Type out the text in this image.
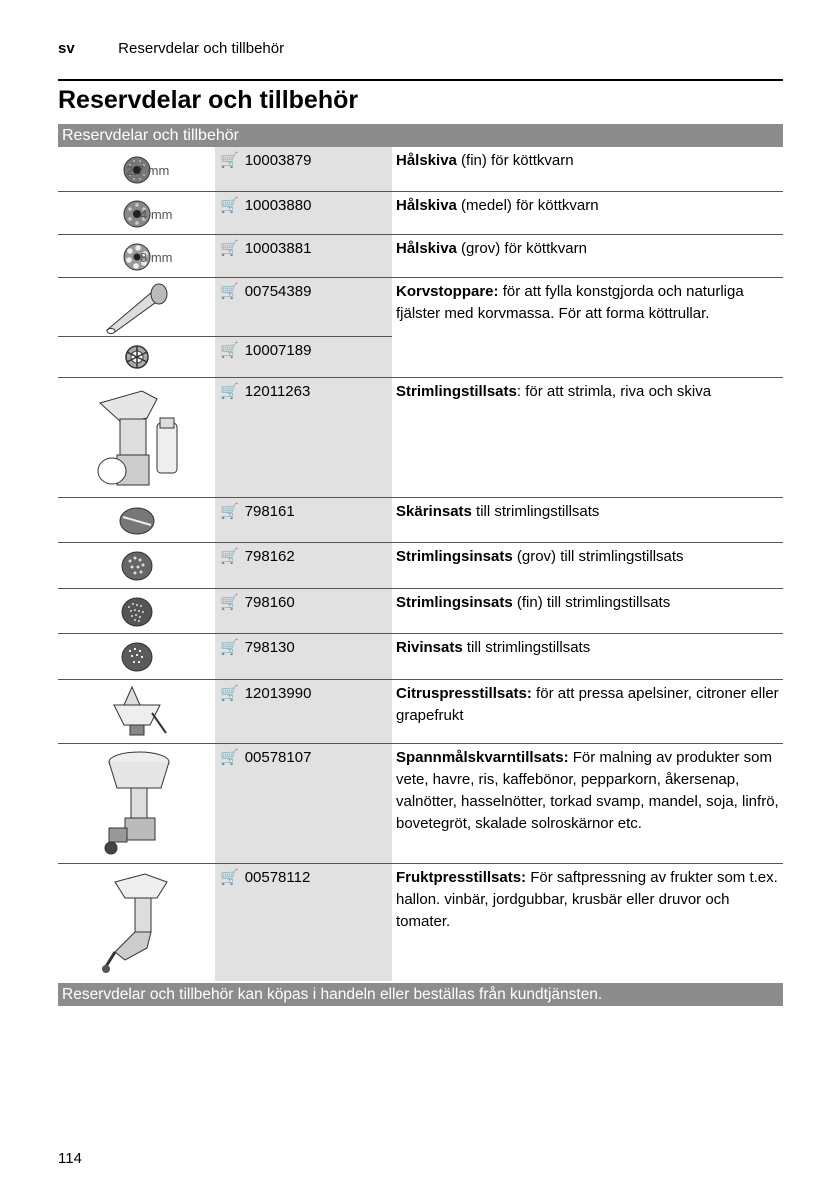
sv	Reservdelar och tillbehör
Reservdelar och tillbehör
Reservdelar och tillbehör
2.7 mm
🛒 10003879	Hålskiva (fin) för köttkvarn
4 mm
🛒 10003880	Hålskiva (medel) för köttkvarn
8 mm
🛒 10003881	Hålskiva (grov) för köttkvarn
🛒 00754389	Korvstoppare: för att fylla konstgjorda och naturliga fjälster med korvmassa. För att forma köttrullar.
🛒 10007189
🛒 12011263	Strimlingstillsats: för att strimla, riva och skiva
🛒 798161	Skärinsats till strimlingstillsats
🛒 798162	Strimlingsinsats (grov) till strimlingstillsats
🛒 798160	Strimlingsinsats (fin) till strimlingstillsats
🛒 798130	Rivinsats till strimlingstillsats
🛒 12013990	Citruspresstillsats: för att pressa apelsiner, citroner eller grapefrukt
🛒 00578107	Spannmålskvarntillsats: För malning av produkter som vete, havre, ris, kaffebönor, pepparkorn, åkersenap, valnötter, hasselnötter, torkad svamp, mandel, soja, linfrö, bovetegröt, skalade solroskärnor etc.
🛒 00578112	Fruktpresstillsats: För saftpressning av frukter som t.ex. hallon. vinbär, jordgubbar, krusbär eller druvor och tomater.
Reservdelar och tillbehör kan köpas i handeln eller beställas från kundtjänsten.
114
